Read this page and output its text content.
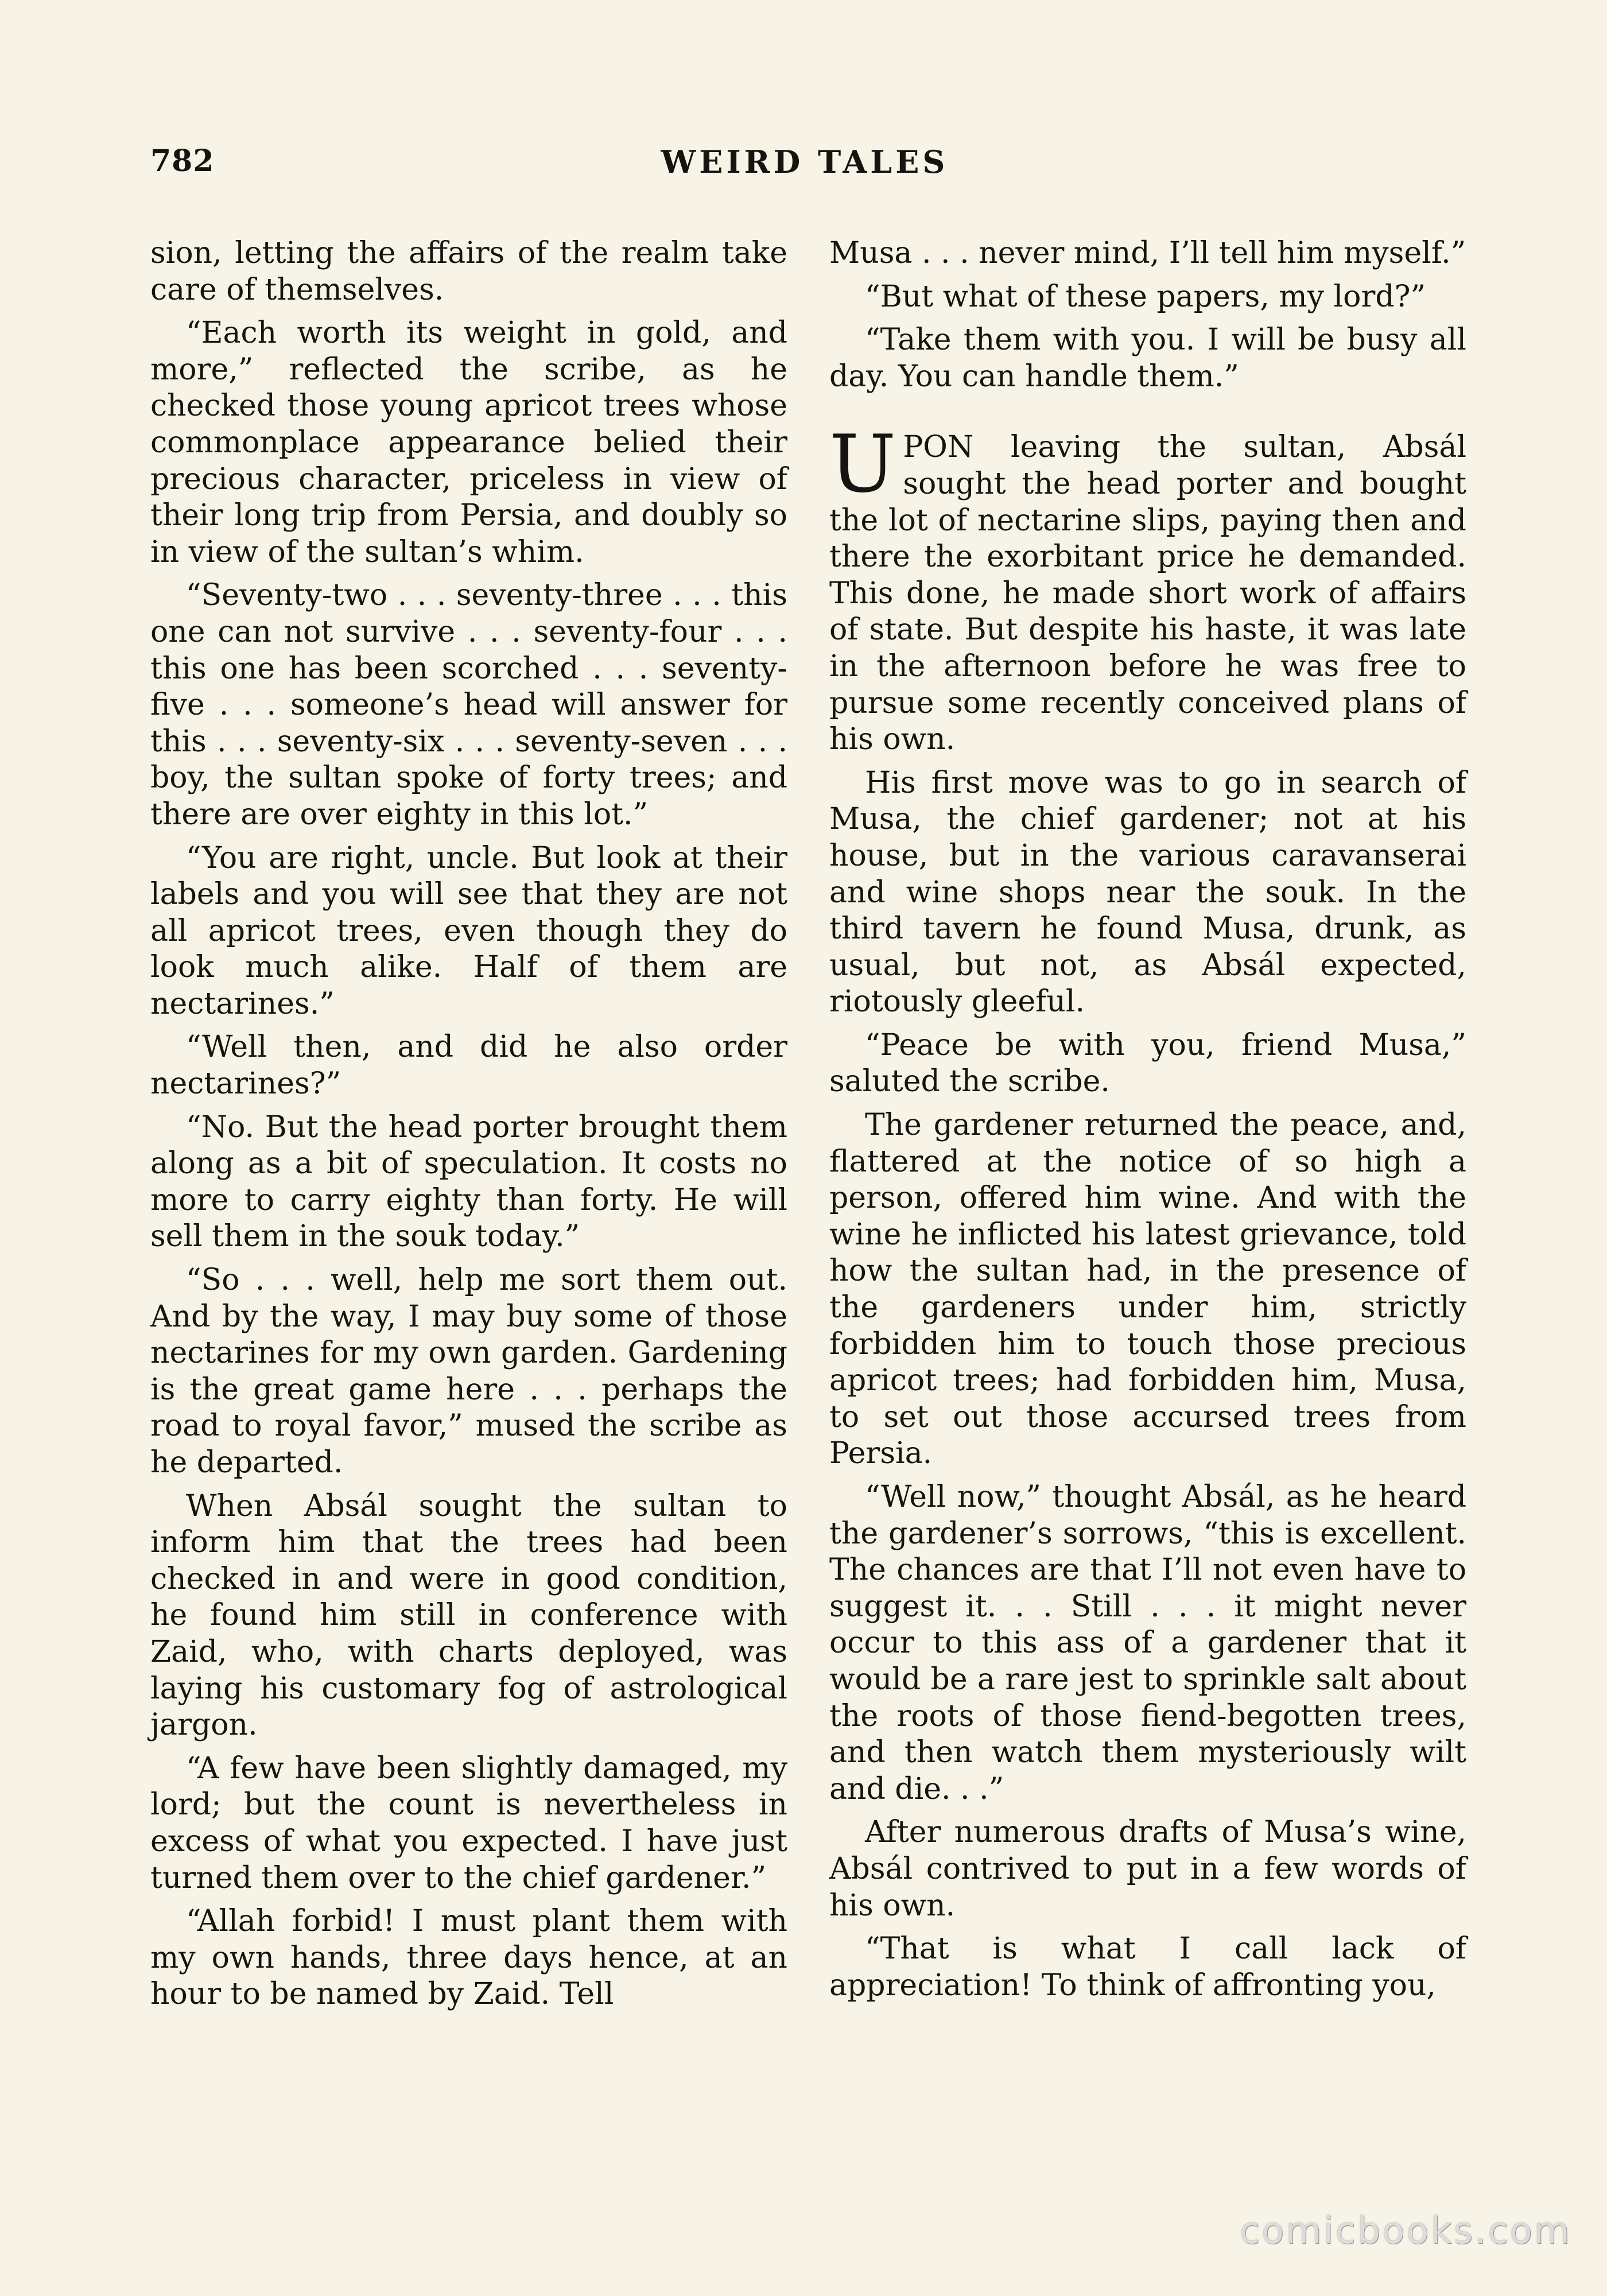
782	WEIRD TALES

sion, letting the affairs of the realm take care of themselves.

“Each worth its weight in gold, and more,” reflected the scribe, as he checked those young apricot trees whose commonplace appearance belied their precious character, priceless in view of their long trip from Persia, and doubly so in view of the sultan’s whim.

“Seventy-two . . . seventy-three . . . this one can not survive . . . seventy-four . . . this one has been scorched . . . seventy-five . . . someone’s head will answer for this . . . seventy-six . . . seventy-seven . . . boy, the sultan spoke of forty trees; and there are over eighty in this lot.”

“You are right, uncle. But look at their labels and you will see that they are not all apricot trees, even though they do look much alike. Half of them are nectarines.”

“Well then, and did he also order nectarines?”

“No. But the head porter brought them along as a bit of speculation. It costs no more to carry eighty than forty. He will sell them in the souk today.”

“So . . . well, help me sort them out. And by the way, I may buy some of those nectarines for my own garden. Gardening is the great game here . . . perhaps the road to royal favor,” mused the scribe as he departed.

When Absál sought the sultan to inform him that the trees had been checked in and were in good condition, he found him still in conference with Zaid, who, with charts deployed, was laying his customary fog of astrological jargon.

“A few have been slightly damaged, my lord; but the count is nevertheless in excess of what you expected. I have just turned them over to the chief gardener.”

“Allah forbid! I must plant them with my own hands, three days hence, at an hour to be named by Zaid. Tell

Musa . . . never mind, I’ll tell him myself.”

“But what of these papers, my lord?”

“Take them with you. I will be busy all day. You can handle them.”

UPON leaving the sultan, Absál sought the head porter and bought the lot of nectarine slips, paying then and there the exorbitant price he demanded. This done, he made short work of affairs of state. But despite his haste, it was late in the afternoon before he was free to pursue some recently conceived plans of his own.

His first move was to go in search of Musa, the chief gardener; not at his house, but in the various caravanserai and wine shops near the souk. In the third tavern he found Musa, drunk, as usual, but not, as Absál expected, riotously gleeful.

“Peace be with you, friend Musa,” saluted the scribe.

The gardener returned the peace, and, flattered at the notice of so high a person, offered him wine. And with the wine he inflicted his latest grievance, told how the sultan had, in the presence of the gardeners under him, strictly forbidden him to touch those precious apricot trees; had forbidden him, Musa, to set out those accursed trees from Persia.

“Well now,” thought Absál, as he heard the gardener’s sorrows, “this is excellent. The chances are that I’ll not even have to suggest it. . . Still . . . it might never occur to this ass of a gardener that it would be a rare jest to sprinkle salt about the roots of those fiend-begotten trees, and then watch them mysteriously wilt and die. . .”

After numerous drafts of Musa’s wine, Absál contrived to put in a few words of his own.

“That is what I call lack of appreciation! To think of affronting you,

comicbooks.com
